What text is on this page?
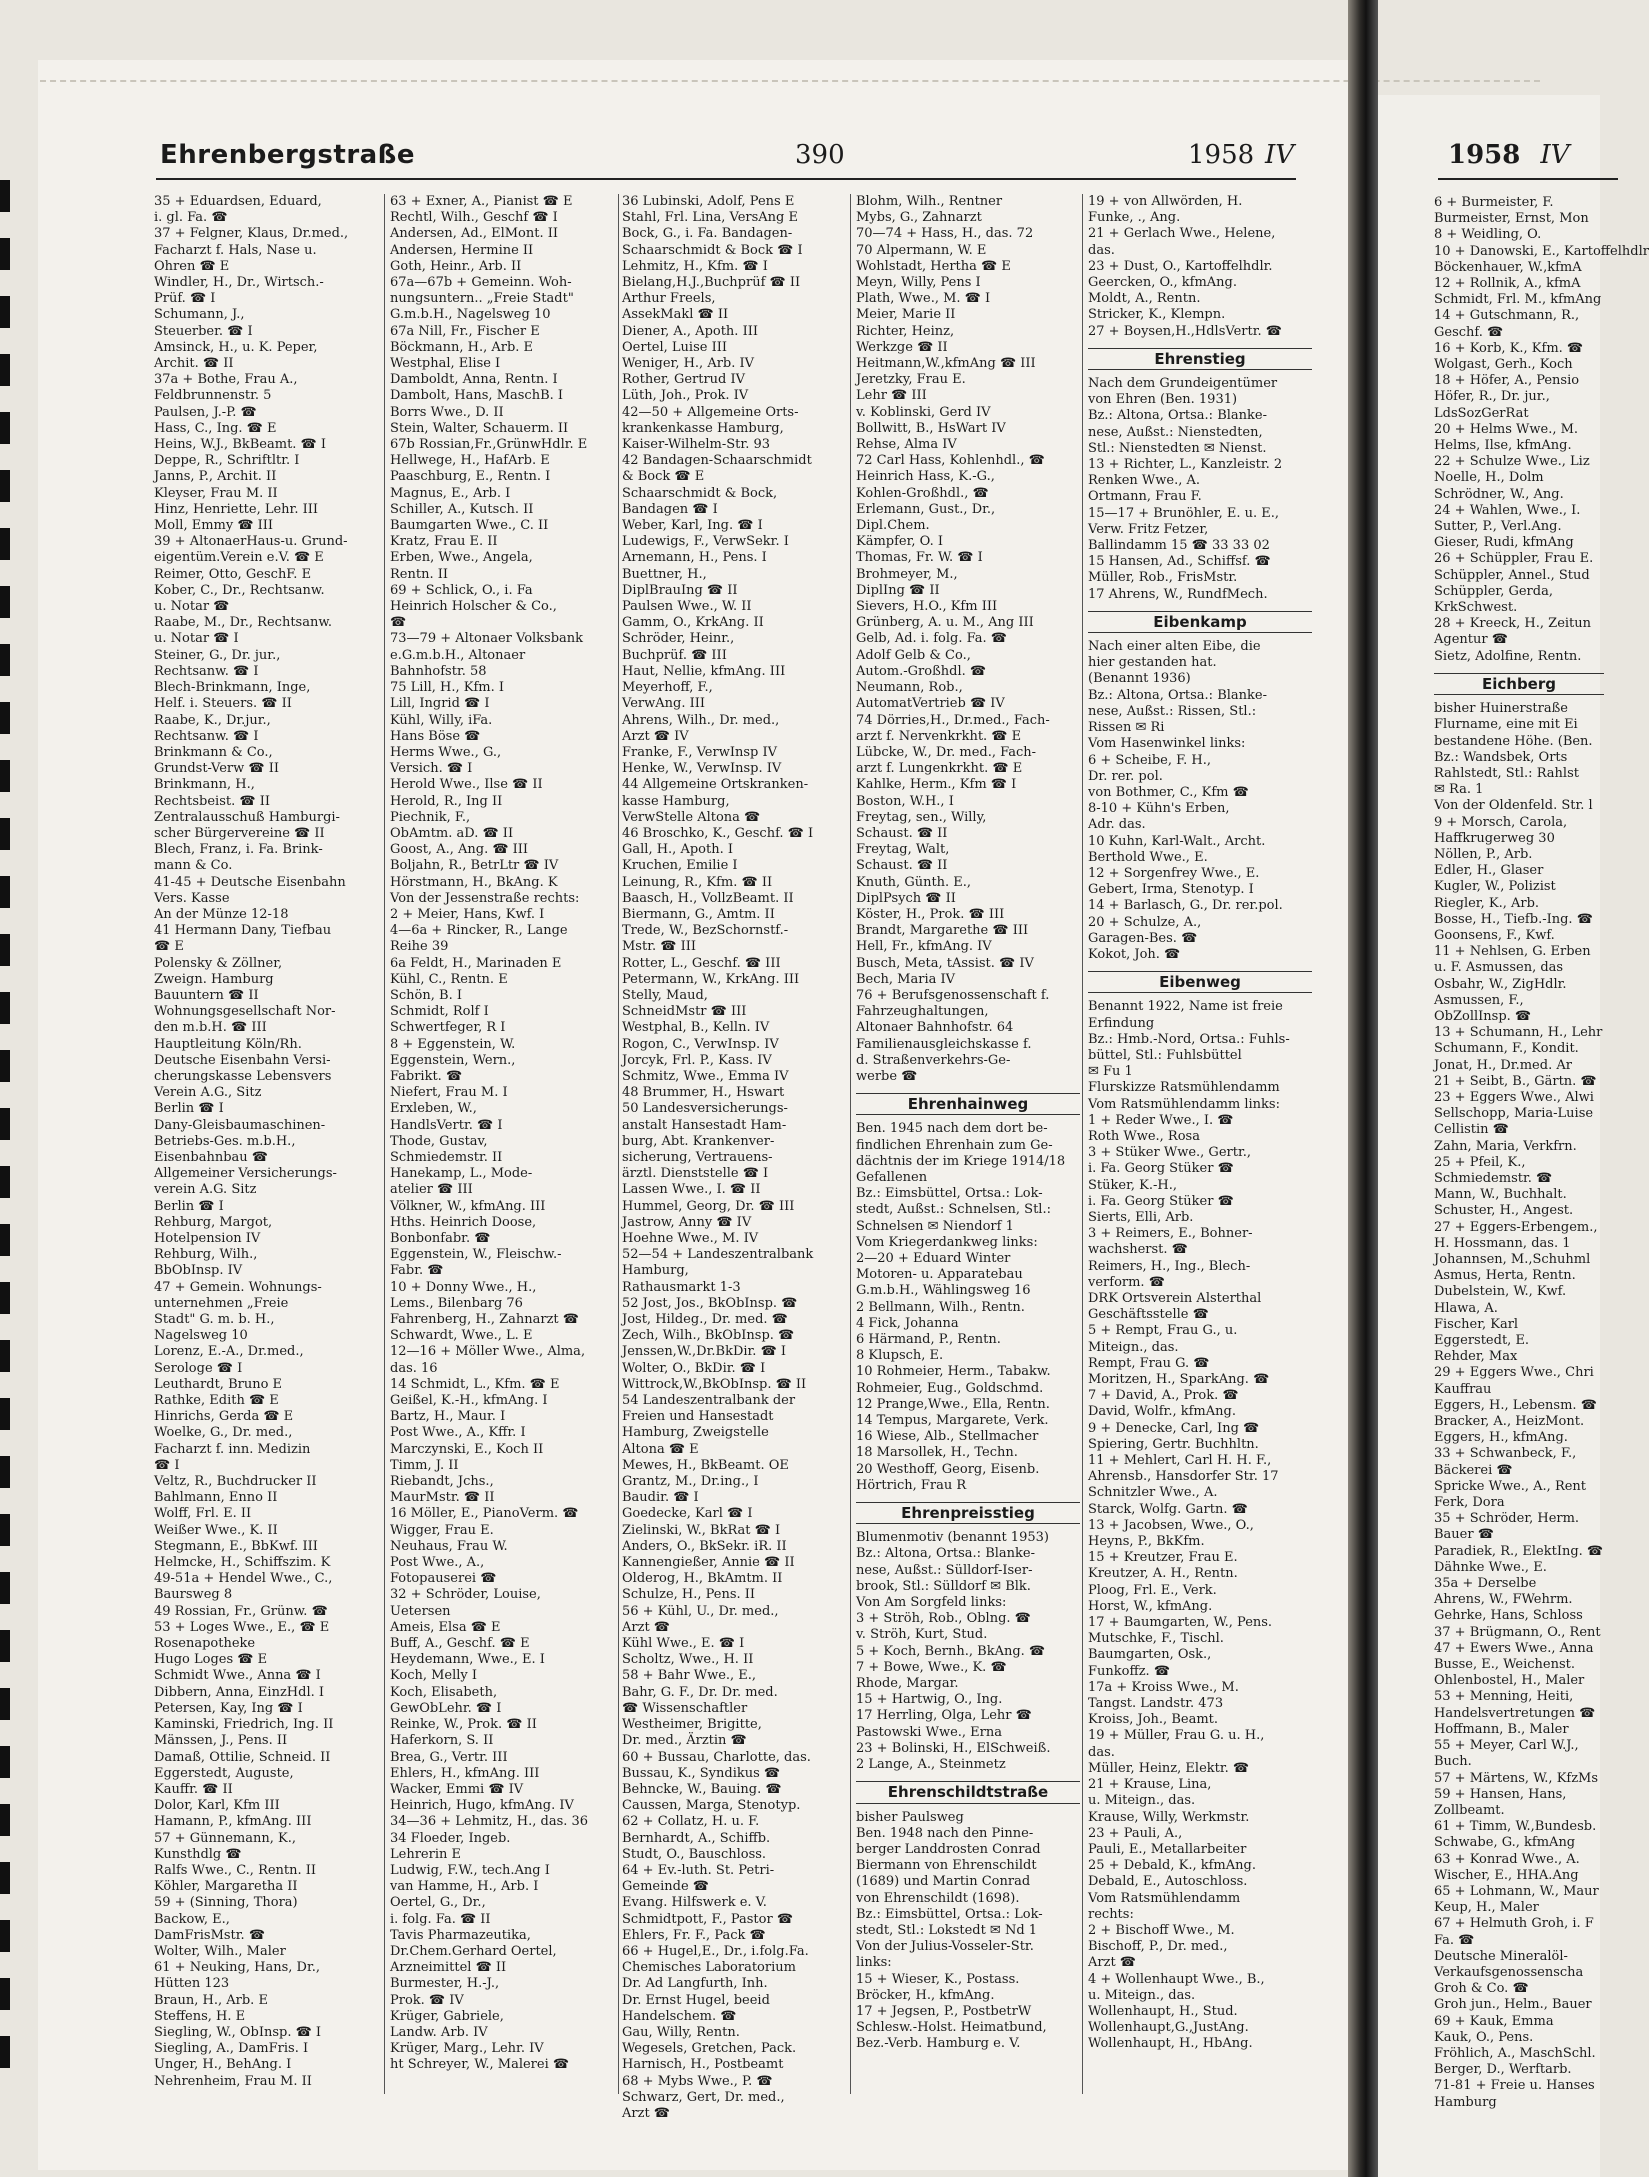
Ehrenbergstraße	390	1958 IV
35 + Eduardsen, Eduard,
i. gl. Fa. ☎
37 + Felgner, Klaus, Dr.med.,
Facharzt f. Hals, Nase u.
Ohren ☎ E
Windler, H., Dr., Wirtsch.-
Prüf. ☎ I
Schumann, J.,
Steuerber. ☎ I
Amsinck, H., u. K. Peper,
Archit. ☎ II
37a + Bothe, Frau A.,
Feldbrunnenstr. 5
Paulsen, J.-P. ☎
Hass, C., Ing. ☎ E
Heins, W.J., BkBeamt. ☎ I
Deppe, R., Schriftltr. I
Janns, P., Archit. II
Kleyser, Frau M. II
Hinz, Henriette, Lehr. III
Moll, Emmy ☎ III
39 + AltonaerHaus-u. Grund-
eigentüm.Verein e.V. ☎ E
Reimer, Otto, GeschF. E
Kober, C., Dr., Rechtsanw.
u. Notar ☎
Raabe, M., Dr., Rechtsanw.
u. Notar ☎ I
Steiner, G., Dr. jur.,
Rechtsanw. ☎ I
Blech-Brinkmann, Inge,
Helf. i. Steuers. ☎ II
Raabe, K., Dr.jur.,
Rechtsanw. ☎ I
Brinkmann & Co.,
Grundst-Verw ☎ II
Brinkmann, H.,
Rechtsbeist. ☎ II
Zentralausschuß Hamburgi-
scher Bürgervereine ☎ II
Blech, Franz, i. Fa. Brink-
mann & Co.
41-45 + Deutsche Eisenbahn
Vers. Kasse
An der Münze 12-18
41 Hermann Dany, Tiefbau
☎ E
Polensky & Zöllner,
Zweign. Hamburg
Bauuntern ☎ II
Wohnungsgesellschaft Nor-
den m.b.H. ☎ III
Hauptleitung Köln/Rh.
Deutsche Eisenbahn Versi-
cherungskasse Lebensvers
Verein A.G., Sitz
Berlin ☎ I
Dany-Gleisbaumaschinen-
Betriebs-Ges. m.b.H.,
Eisenbahnbau ☎
Allgemeiner Versicherungs-
verein A.G. Sitz
Berlin ☎ I
Rehburg, Margot,
Hotelpension IV
Rehburg, Wilh.,
BbObInsp. IV
47 + Gemein. Wohnungs-
unternehmen „Freie
Stadt" G. m. b. H.,
Nagelsweg 10
Lorenz, E.-A., Dr.med.,
Serologe ☎ I
Leuthardt, Bruno E
Rathke, Edith ☎ E
Hinrichs, Gerda ☎ E
Woelke, G., Dr. med.,
Facharzt f. inn. Medizin
☎ I
Veltz, R., Buchdrucker II
Bahlmann, Enno II
Wolff, Frl. E. II
Weißer Wwe., K. II
Stegmann, E., BbKwf. III
Helmcke, H., Schiffszim. K
49-51a + Hendel Wwe., C.,
Baursweg 8
49 Rossian, Fr., Grünw. ☎
53 + Loges Wwe., E., ☎ E
Rosenapotheke
Hugo Loges ☎ E
Schmidt Wwe., Anna ☎ I
Dibbern, Anna, EinzHdl. I
Petersen, Kay, Ing ☎ I
Kaminski, Friedrich, Ing. II
Mänssen, J., Pens. II
Damaß, Ottilie, Schneid. II
Eggerstedt, Auguste,
Kauffr. ☎ II
Dolor, Karl, Kfm III
Hamann, P., kfmAng. III
57 + Günnemann, K.,
Kunsthdlg ☎
Ralfs Wwe., C., Rentn. II
Köhler, Margaretha II
59 + (Sinning, Thora)
Backow, E.,
DamFrisMstr. ☎
Wolter, Wilh., Maler
61 + Neuking, Hans, Dr.,
Hütten 123
Braun, H., Arb. E
Steffens, H. E
Siegling, W., ObInsp. ☎ I
Siegling, A., DamFris. I
Unger, H., BehAng. I
Nehrenheim, Frau M. II
63 + Exner, A., Pianist ☎ E
Rechtl, Wilh., Geschf ☎ I
Andersen, Ad., ElMont. II
Andersen, Hermine II
Goth, Heinr., Arb. II
67a—67b + Gemeinn. Woh-
nungsuntern.. „Freie Stadt"
G.m.b.H., Nagelsweg 10
67a Nill, Fr., Fischer E
Böckmann, H., Arb. E
Westphal, Elise I
Damboldt, Anna, Rentn. I
Dambolt, Hans, MaschB. I
Borrs Wwe., D. II
Stein, Walter, Schauerm. II
67b Rossian,Fr.,GrünwHdlr. E
Hellwege, H., HafArb. E
Paaschburg, E., Rentn. I
Magnus, E., Arb. I
Schiller, A., Kutsch. II
Baumgarten Wwe., C. II
Kratz, Frau E. II
Erben, Wwe., Angela,
Rentn. II
69 + Schlick, O., i. Fa
Heinrich Holscher & Co.,
☎
73—79 + Altonaer Volksbank
e.G.m.b.H., Altonaer
Bahnhofstr. 58
75 Lill, H., Kfm. I
Lill, Ingrid ☎ I
Kühl, Willy, iFa.
Hans Böse ☎
Herms Wwe., G.,
Versich. ☎ I
Herold Wwe., Ilse ☎ II
Herold, R., Ing II
Piechnik, F.,
ObAmtm. aD. ☎ II
Goost, A., Ang. ☎ III
Boljahn, R., BetrLtr ☎ IV
Hörstmann, H., BkAng. K
Von der Jessenstraße rechts:
2 + Meier, Hans, Kwf. I
4—6a + Rincker, R., Lange
Reihe 39
6a Feldt, H., Marinaden E
Kühl, C., Rentn. E
Schön, B. I
Schmidt, Rolf I
Schwertfeger, R I
8 + Eggenstein, W.
Eggenstein, Wern.,
Fabrikt. ☎
Niefert, Frau M. I
Erxleben, W.,
HandlsVertr. ☎ I
Thode, Gustav,
Schmiedemstr. II
Hanekamp, L., Mode-
atelier ☎ III
Völkner, W., kfmAng. III
Hths. Heinrich Doose,
Bonbonfabr. ☎
Eggenstein, W., Fleischw.-
Fabr. ☎
10 + Donny Wwe., H.,
Lems., Bilenbarg 76
Fahrenberg, H., Zahnarzt ☎
Schwardt, Wwe., L. E
12—16 + Möller Wwe., Alma,
das. 16
14 Schmidt, L., Kfm. ☎ E
Geißel, K.-H., kfmAng. I
Bartz, H., Maur. I
Post Wwe., A., Kffr. I
Marczynski, E., Koch II
Timm, J. II
Riebandt, Jchs.,
MaurMstr. ☎ II
16 Möller, E., PianoVerm. ☎
Wigger, Frau E.
Neuhaus, Frau W.
Post Wwe., A.,
Fotopauserei ☎
32 + Schröder, Louise,
Uetersen
Ameis, Elsa ☎ E
Buff, A., Geschf. ☎ E
Heydemann, Wwe., E. I
Koch, Melly I
Koch, Elisabeth,
GewObLehr. ☎ I
Reinke, W., Prok. ☎ II
Haferkorn, S. II
Brea, G., Vertr. III
Ehlers, H., kfmAng. III
Wacker, Emmi ☎ IV
Heinrich, Hugo, kfmAng. IV
34—36 + Lehmitz, H., das. 36
34 Floeder, Ingeb.
Lehrerin E
Ludwig, F.W., tech.Ang I
van Hamme, H., Arb. I
Oertel, G., Dr.,
i. folg. Fa. ☎ II
Tavis Pharmazeutika,
Dr.Chem.Gerhard Oertel,
Arzneimittel ☎ II
Burmester, H.-J.,
Prok. ☎ IV
Krüger, Gabriele,
Landw. Arb. IV
Krüger, Marg., Lehr. IV
ht Schreyer, W., Malerei ☎
36 Lubinski, Adolf, Pens E
Stahl, Frl. Lina, VersAng E
Bock, G., i. Fa. Bandagen-
Schaarschmidt & Bock ☎ I
Lehmitz, H., Kfm. ☎ I
Bielang,H.J.,Buchprüf ☎ II
Arthur Freels,
AssekMakl ☎ II
Diener, A., Apoth. III
Oertel, Luise III
Weniger, H., Arb. IV
Rother, Gertrud IV
Lüth, Joh., Prok. IV
42—50 + Allgemeine Orts-
krankenkasse Hamburg,
Kaiser-Wilhelm-Str. 93
42 Bandagen-Schaarschmidt
& Bock ☎ E
Schaarschmidt & Bock,
Bandagen ☎ I
Weber, Karl, Ing. ☎ I
Ludewigs, F., VerwSekr. I
Arnemann, H., Pens. I
Buettner, H.,
DiplBrauIng ☎ II
Paulsen Wwe., W. II
Gamm, O., KrkAng. II
Schröder, Heinr.,
Buchprüf. ☎ III
Haut, Nellie, kfmAng. III
Meyerhoff, F.,
VerwAng. III
Ahrens, Wilh., Dr. med.,
Arzt ☎ IV
Franke, F., VerwInsp IV
Henke, W., VerwInsp. IV
44 Allgemeine Ortskranken-
kasse Hamburg,
VerwStelle Altona ☎
46 Broschko, K., Geschf. ☎ I
Gall, H., Apoth. I
Kruchen, Emilie I
Leinung, R., Kfm. ☎ II
Baasch, H., VollzBeamt. II
Biermann, G., Amtm. II
Trede, W., BezSchornstf.-
Mstr. ☎ III
Rotter, L., Geschf. ☎ III
Petermann, W., KrkAng. III
Stelly, Maud,
SchneidMstr ☎ III
Westphal, B., Kelln. IV
Rogon, C., VerwInsp. IV
Jorcyk, Frl. P., Kass. IV
Schmitz, Wwe., Emma IV
48 Brummer, H., Hswart
50 Landesversicherungs-
anstalt Hansestadt Ham-
burg, Abt. Krankenver-
sicherung, Vertrauens-
ärztl. Dienststelle ☎ I
Lassen Wwe., I. ☎ II
Hummel, Georg, Dr. ☎ III
Jastrow, Anny ☎ IV
Hoehne Wwe., M. IV
52—54 + Landeszentralbank
Hamburg,
Rathausmarkt 1-3
52 Jost, Jos., BkObInsp. ☎
Jost, Hildeg., Dr. med. ☎
Zech, Wilh., BkObInsp. ☎
Jenssen,W.,Dr.BkDir. ☎ I
Wolter, O., BkDir. ☎ I
Wittrock,W.,BkObInsp. ☎ II
54 Landeszentralbank der
Freien und Hansestadt
Hamburg, Zweigstelle
Altona ☎ E
Mewes, H., BkBeamt. OE
Grantz, M., Dr.ing., I
Baudir. ☎ I
Goedecke, Karl ☎ I
Zielinski, W., BkRat ☎ I
Anders, O., BkSekr. iR. II
Kannengießer, Annie ☎ II
Olderog, H., BkAmtm. II
Schulze, H., Pens. II
56 + Kühl, U., Dr. med.,
Arzt ☎
Kühl Wwe., E. ☎ I
Scholtz, Wwe., H. II
58 + Bahr Wwe., E.,
Bahr, G. F., Dr. Dr. med.
☎ Wissenschaftler
Westheimer, Brigitte,
Dr. med., Ärztin ☎
60 + Bussau, Charlotte, das.
Bussau, K., Syndikus ☎
Behncke, W., Bauing. ☎
Caussen, Marga, Stenotyp.
62 + Collatz, H. u. F.
Bernhardt, A., Schiffb.
Studt, O., Bauschloss.
64 + Ev.-luth. St. Petri-
Gemeinde ☎
Evang. Hilfswerk e. V.
Schmidtpott, F., Pastor ☎
Ehlers, Fr. F., Pack ☎
66 + Hugel,E., Dr., i.folg.Fa.
Chemisches Laboratorium
Dr. Ad Langfurth, Inh.
Dr. Ernst Hugel, beeid
Handelschem. ☎
Gau, Willy, Rentn.
Wegesels, Gretchen, Pack.
Harnisch, H., Postbeamt
68 + Mybs Wwe., P. ☎
Schwarz, Gert, Dr. med.,
Arzt ☎
Blohm, Wilh., Rentner
Mybs, G., Zahnarzt
70—74 + Hass, H., das. 72
70 Alpermann, W. E
Wohlstadt, Hertha ☎ E
Meyn, Willy, Pens I
Plath, Wwe., M. ☎ I
Meier, Marie II
Richter, Heinz,
Werkzge ☎ II
Heitmann,W.,kfmAng ☎ III
Jeretzky, Frau E.
Lehr ☎ III
v. Koblinski, Gerd IV
Bollwitt, B., HsWart IV
Rehse, Alma IV
72 Carl Hass, Kohlenhdl., ☎
Heinrich Hass, K.-G.,
Kohlen-Großhdl., ☎
Erlemann, Gust., Dr.,
Dipl.Chem.
Kämpfer, O. I
Thomas, Fr. W. ☎ I
Brohmeyer, M.,
DiplIng ☎ II
Sievers, H.O., Kfm III
Grünberg, A. u. M., Ang III
Gelb, Ad. i. folg. Fa. ☎
Adolf Gelb & Co.,
Autom.-Großhdl. ☎
Neumann, Rob.,
AutomatVertrieb ☎ IV
74 Dörries,H., Dr.med., Fach-
arzt f. Nervenkrkht. ☎ E
Lübcke, W., Dr. med., Fach-
arzt f. Lungenkrkht. ☎ E
Kahlke, Herm., Kfm ☎ I
Boston, W.H., I
Freytag, sen., Willy,
Schaust. ☎ II
Freytag, Walt,
Schaust. ☎ II
Knuth, Günth. E.,
DiplPsych ☎ II
Köster, H., Prok. ☎ III
Brandt, Margarethe ☎ III
Hell, Fr., kfmAng. IV
Busch, Meta, tAssist. ☎ IV
Bech, Maria IV
76 + Berufsgenossenschaft f.
Fahrzeughaltungen,
Altonaer Bahnhofstr. 64
Familienausgleichskasse f.
d. Straßenverkehrs-Ge-
werbe ☎
Ehrenhainweg
Ben. 1945 nach dem dort be-
findlichen Ehrenhain zum Ge-
dächtnis der im Kriege 1914/18
Gefallenen
Bz.: Eimsbüttel, Ortsa.: Lok-
stedt, Außst.: Schnelsen, Stl.:
Schnelsen ✉ Niendorf 1
Vom Kriegerdankweg links:
2—20 + Eduard Winter
Motoren- u. Apparatebau
G.m.b.H., Wählingsweg 16
2 Bellmann, Wilh., Rentn.
4 Fick, Johanna
6 Härmand, P., Rentn.
8 Klupsch, E.
10 Rohmeier, Herm., Tabakw.
Rohmeier, Eug., Goldschmd.
12 Prange,Wwe., Ella, Rentn.
14 Tempus, Margarete, Verk.
16 Wiese, Alb., Stellmacher
18 Marsollek, H., Techn.
20 Westhoff, Georg, Eisenb.
Hörtrich, Frau R
Ehrenpreisstieg
Blumenmotiv (benannt 1953)
Bz.: Altona, Ortsa.: Blanke-
nese, Außst.: Sülldorf-Iser-
brook, Stl.: Sülldorf ✉ Blk.
Von Am Sorgfeld links:
3 + Ströh, Rob., Oblng. ☎
v. Ströh, Kurt, Stud.
5 + Koch, Bernh., BkAng. ☎
7 + Bowe, Wwe., K. ☎
Rhode, Margar.
15 + Hartwig, O., Ing.
17 Herrling, Olga, Lehr ☎
Pastowski Wwe., Erna
23 + Bolinski, H., ElSchweiß.
2 Lange, A., Steinmetz
Ehrenschildtstraße
bisher Paulsweg
Ben. 1948 nach den Pinne-
berger Landdrosten Conrad
Biermann von Ehrenschildt
(1689) und Martin Conrad
von Ehrenschildt (1698).
Bz.: Eimsbüttel, Ortsa.: Lok-
stedt, Stl.: Lokstedt ✉ Nd 1
Von der Julius-Vosseler-Str.
links:
15 + Wieser, K., Postass.
Bröcker, H., kfmAng.
17 + Jegsen, P., PostbetrW
Schlesw.-Holst. Heimatbund,
Bez.-Verb. Hamburg e. V.
19 + von Allwörden, H.
Funke, ., Ang.
21 + Gerlach Wwe., Helene,
das.
23 + Dust, O., Kartoffelhdlr.
Geercken, O., kfmAng.
Moldt, A., Rentn.
Stricker, K., Klempn.
27 + Boysen,H.,HdlsVertr. ☎
Ehrenstieg
Nach dem Grundeigentümer
von Ehren (Ben. 1931)
Bz.: Altona, Ortsa.: Blanke-
nese, Außst.: Nienstedten,
Stl.: Nienstedten ✉ Nienst.
13 + Richter, L., Kanzleistr. 2
Renken Wwe., A.
Ortmann, Frau F.
15—17 + Brunöhler, E. u. E.,
Verw. Fritz Fetzer,
Ballindamm 15 ☎ 33 33 02
15 Hansen, Ad., Schiffsf. ☎
Müller, Rob., FrisMstr.
17 Ahrens, W., RundfMech.
Eibenkamp
Nach einer alten Eibe, die
hier gestanden hat.
(Benannt 1936)
Bz.: Altona, Ortsa.: Blanke-
nese, Außst.: Rissen, Stl.:
Rissen ✉ Ri
Vom Hasenwinkel links:
6 + Scheibe, F. H.,
Dr. rer. pol.
von Bothmer, C., Kfm ☎
8-10 + Kühn's Erben,
Adr. das.
10 Kuhn, Karl-Walt., Archt.
Berthold Wwe., E.
12 + Sorgenfrey Wwe., E.
Gebert, Irma, Stenotyp. I
14 + Barlasch, G., Dr. rer.pol.
20 + Schulze, A.,
Garagen-Bes. ☎
Kokot, Joh. ☎
Eibenweg
Benannt 1922, Name ist freie
Erfindung
Bz.: Hmb.-Nord, Ortsa.: Fuhls-
büttel, Stl.: Fuhlsbüttel
✉ Fu 1
Flurskizze Ratsmühlendamm
Vom Ratsmühlendamm links:
1 + Reder Wwe., I. ☎
Roth Wwe., Rosa
3 + Stüker Wwe., Gertr.,
i. Fa. Georg Stüker ☎
Stüker, K.-H.,
i. Fa. Georg Stüker ☎
Sierts, Elli, Arb.
3 + Reimers, E., Bohner-
wachsherst. ☎
Reimers, H., Ing., Blech-
verform. ☎
DRK Ortsverein Alsterthal
Geschäftsstelle ☎
5 + Rempt, Frau G., u.
Miteign., das.
Rempt, Frau G. ☎
Moritzen, H., SparkAng. ☎
7 + David, A., Prok. ☎
David, Wolfr., kfmAng.
9 + Denecke, Carl, Ing ☎
Spiering, Gertr. Buchhltn.
11 + Mehlert, Carl H. H. F.,
Ahrensb., Hansdorfer Str. 17
Schnitzler Wwe., A.
Starck, Wolfg. Gartn. ☎
13 + Jacobsen, Wwe., O.,
Heyns, P., BkKfm.
15 + Kreutzer, Frau E.
Kreutzer, A. H., Rentn.
Ploog, Frl. E., Verk.
Horst, W., kfmAng.
17 + Baumgarten, W., Pens.
Mutschke, F., Tischl.
Baumgarten, Osk.,
Funkoffz. ☎
17a + Kroiss Wwe., M.
Tangst. Landstr. 473
Kroiss, Joh., Beamt.
19 + Müller, Frau G. u. H.,
das.
Müller, Heinz, Elektr. ☎
21 + Krause, Lina,
u. Miteign., das.
Krause, Willy, Werkmstr.
23 + Pauli, A.,
Pauli, E., Metallarbeiter
25 + Debald, K., kfmAng.
Debald, E., Autoschloss.
Vom Ratsmühlendamm
rechts:
2 + Bischoff Wwe., M.
Bischoff, P., Dr. med.,
Arzt ☎
4 + Wollenhaupt Wwe., B.,
u. Miteign., das.
Wollenhaupt, H., Stud.
Wollenhaupt,G.,JustAng.
Wollenhaupt, H., HbAng.
1958 IV
6 + Burmeister, F.
Burmeister, Ernst, Mon
8 + Weidling, O.
10 + Danowski, E., Kartoffelhdlr
Böckenhauer, W.,kfmA
12 + Rollnik, A., kfmA
Schmidt, Frl. M., kfmAng
14 + Gutschmann, R.,
Geschf. ☎
16 + Korb, K., Kfm. ☎
Wolgast, Gerh., Koch
18 + Höfer, A., Pensio
Höfer, R., Dr. jur.,
LdsSozGerRat
20 + Helms Wwe., M.
Helms, Ilse, kfmAng.
22 + Schulze Wwe., Liz
Noelle, H., Dolm
Schrödner, W., Ang.
24 + Wahlen, Wwe., I.
Sutter, P., Verl.Ang.
Gieser, Rudi, kfmAng
26 + Schüppler, Frau E.
Schüppler, Annel., Stud
Schüppler, Gerda,
KrkSchwest.
28 + Kreeck, H., Zeitun
Agentur ☎
Sietz, Adolfine, Rentn.
Eichberg
bisher Huinerstraße
Flurname, eine mit Ei
bestandene Höhe. (Ben.
Bz.: Wandsbek, Orts
Rahlstedt, Stl.: Rahlst
✉ Ra. 1
Von der Oldenfeld. Str. l
9 + Morsch, Carola,
Haffkrugerweg 30
Nöllen, P., Arb.
Edler, H., Glaser
Kugler, W., Polizist
Riegler, K., Arb.
Bosse, H., Tiefb.-Ing. ☎
Goonsens, F., Kwf.
11 + Nehlsen, G. Erben
u. F. Asmussen, das
Osbahr, W., ZigHdlr.
Asmussen, F.,
ObZollInsp. ☎
13 + Schumann, H., Lehr
Schumann, F., Kondit.
Jonat, H., Dr.med. Ar
21 + Seibt, B., Gärtn. ☎
23 + Eggers Wwe., Alwi
Sellschopp, Maria-Luise
Cellistin ☎
Zahn, Maria, Verkfrn.
25 + Pfeil, K.,
Schmiedemstr. ☎
Mann, W., Buchhalt.
Schuster, H., Angest.
27 + Eggers-Erbengem.,
H. Hossmann, das. 1
Johannsen, M.,Schuhml
Asmus, Herta, Rentn.
Dubelstein, W., Kwf.
Hlawa, A.
Fischer, Karl
Eggerstedt, E.
Rehder, Max
29 + Eggers Wwe., Chri
Kauffrau
Eggers, H., Lebensm. ☎
Bracker, A., HeizMont.
Eggers, H., kfmAng.
33 + Schwanbeck, F.,
Bäckerei ☎
Spricke Wwe., A., Rent
Ferk, Dora
35 + Schröder, Herm.
Bauer ☎
Paradiek, R., ElektIng. ☎
Dähnke Wwe., E.
35a + Derselbe
Ahrens, W., FWehrm.
Gehrke, Hans, Schloss
37 + Brügmann, O., Rent
47 + Ewers Wwe., Anna
Busse, E., Weichenst.
Ohlenbostel, H., Maler
53 + Menning, Heiti,
Handelsvertretungen ☎
Hoffmann, B., Maler
55 + Meyer, Carl W.J.,
Buch.
57 + Märtens, W., KfzMs
59 + Hansen, Hans,
Zollbeamt.
61 + Timm, W.,Bundesb.
Schwabe, G., kfmAng
63 + Konrad Wwe., A.
Wischer, E., HHA.Ang
65 + Lohmann, W., Maur
Keup, H., Maler
67 + Helmuth Groh, i. F
Fa. ☎
Deutsche Mineralöl-
Verkaufsgenossenscha
Groh & Co. ☎
Groh jun., Helm., Bauer
69 + Kauk, Emma
Kauk, O., Pens.
Fröhlich, A., MaschSchl.
Berger, D., Werftarb.
71-81 + Freie u. Hanses
Hamburg
